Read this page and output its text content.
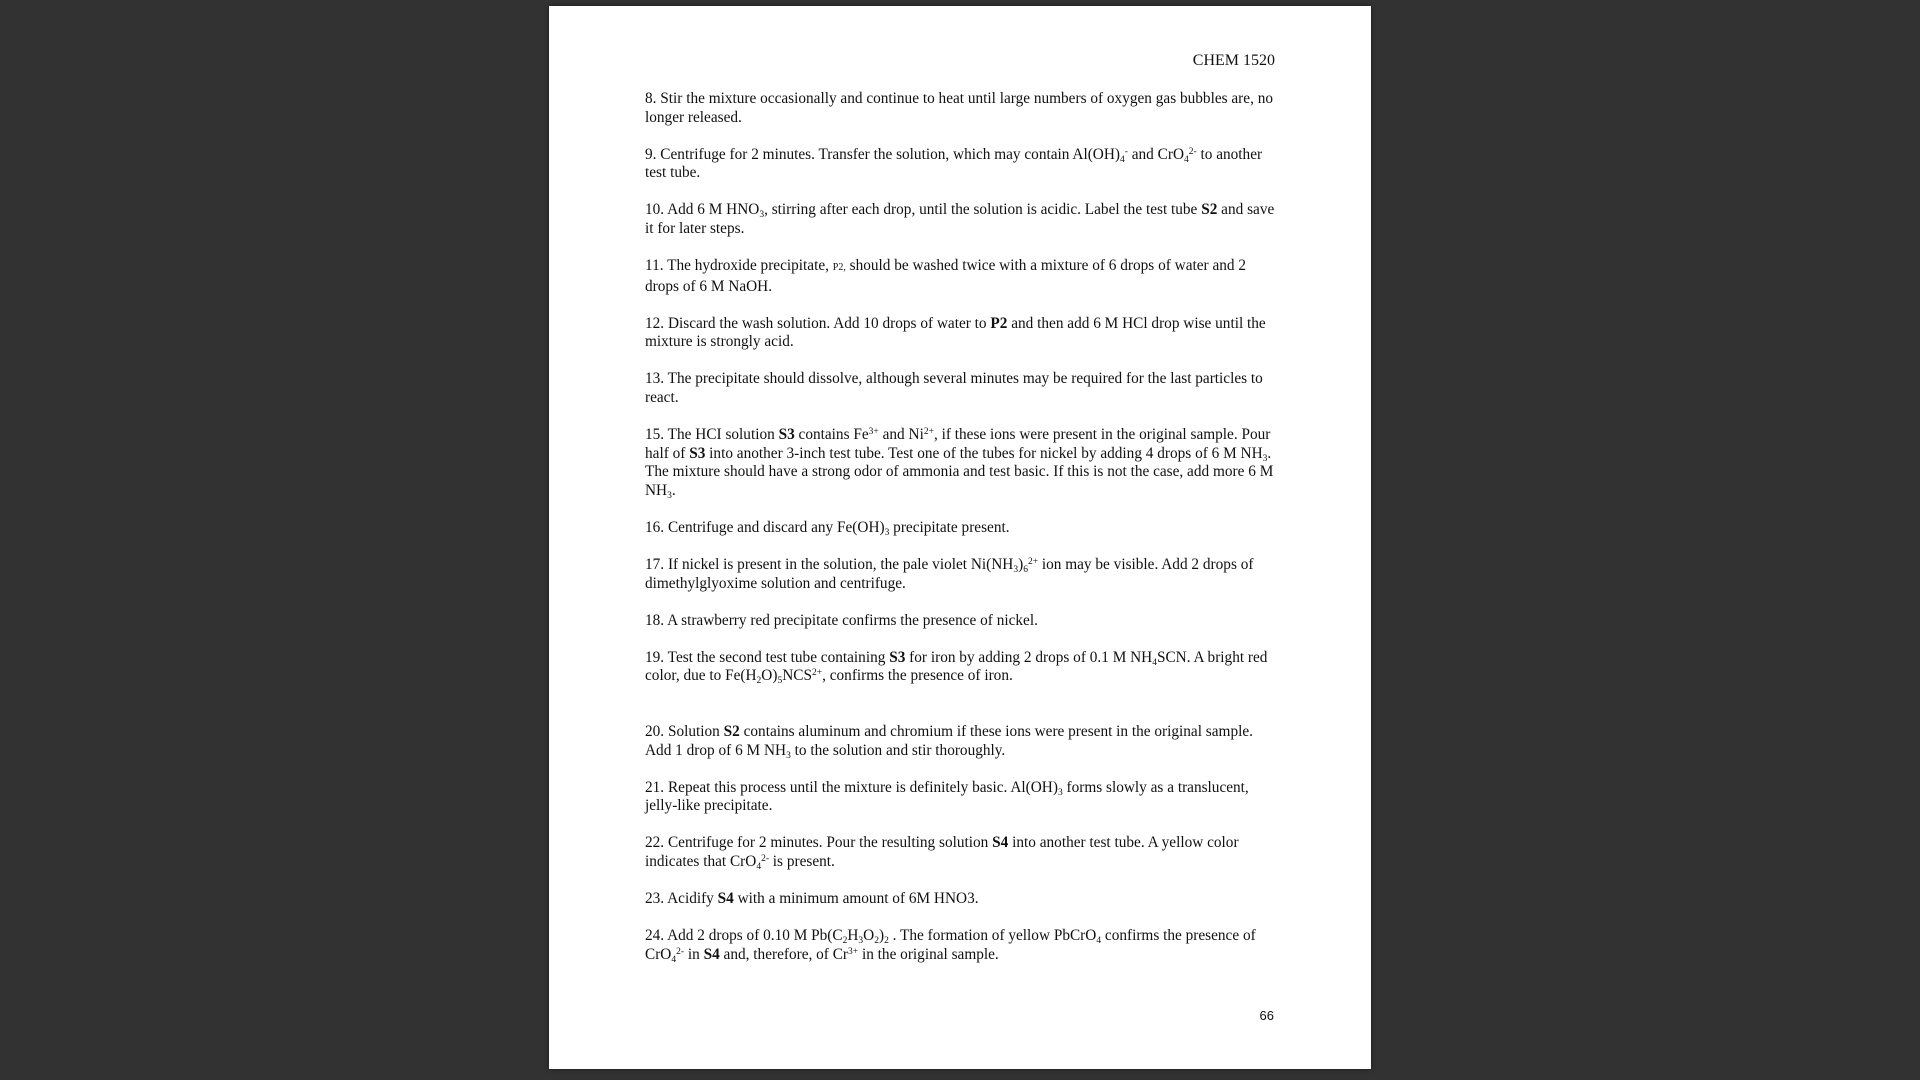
CHEM 1520

8. Stir the mixture occasionally and continue to heat until large numbers of oxygen gas bubbles are, no longer released.

9. Centrifuge for 2 minutes. Transfer the solution, which may contain $Al(OH)_4^-$ and CrO$_4^{2-}$ to another test tube.

10. Add 6 M $HNO_3$, stirring after each drop, until the solution is acidic. Label the test tube S2 and save it for later steps.

11. The hydroxide precipitate, P2, should be washed twice with a mixture of 6 drops of water and 2 drops of 6 M NaOH.

12. Discard the wash solution. Add 10 drops of water to P2 and then add 6 M HCl drop wise until the mixture is strongly acid.

13. The precipitate should dissolve, although several minutes may be required for the last particles to react.

15. The HCI solution S3 contains $Fe^{3+}$ and $Ni^{2+}$, if these ions were present in the original sample. Pour half of S3 into another 3-inch test tube. Test one of the tubes for nickel by adding 4 drops of 6 M $NH_3$. The mixture should have a strong odor of ammonia and test basic. If this is not the case, add more 6 M $NH_3$.

16. Centrifuge and discard any $Fe(OH)_3$ precipitate present.

17. If nickel is present in the solution, the pale violet $Ni(NH_3)_6^{2+}$ ion may be visible. Add 2 drops of dimethylglyoxime solution and centrifuge.

18. A strawberry red precipitate confirms the presence of nickel.

19. Test the second test tube containing S3 for iron by adding 2 drops of 0.1 M $NH_4SCN$. A bright red color, due to $Fe(H_2O)_5NCS^{2+}$, confirms the presence of iron.

20. Solution S2 contains aluminum and chromium if these ions were present in the original sample. Add 1 drop of 6 M $NH_3$ to the solution and stir thoroughly.

21. Repeat this process until the mixture is definitely basic. $Al(OH)_3$ forms slowly as a translucent, jelly-like precipitate.

22. Centrifuge for 2 minutes. Pour the resulting solution S4 into another test tube. A yellow color indicates that CrO$_4^{2-}$ is present.

23. Acidify S4 with a minimum amount of 6M HNO3.

24. Add 2 drops of 0.10 M $Pb(C_2H_3O_2)_2$ . The formation of yellow PbCrO$_4$ confirms the presence of CrO$_4^{2-}$ in S4 and, therefore, of $Cr^{3+}$ in the original sample.

66
